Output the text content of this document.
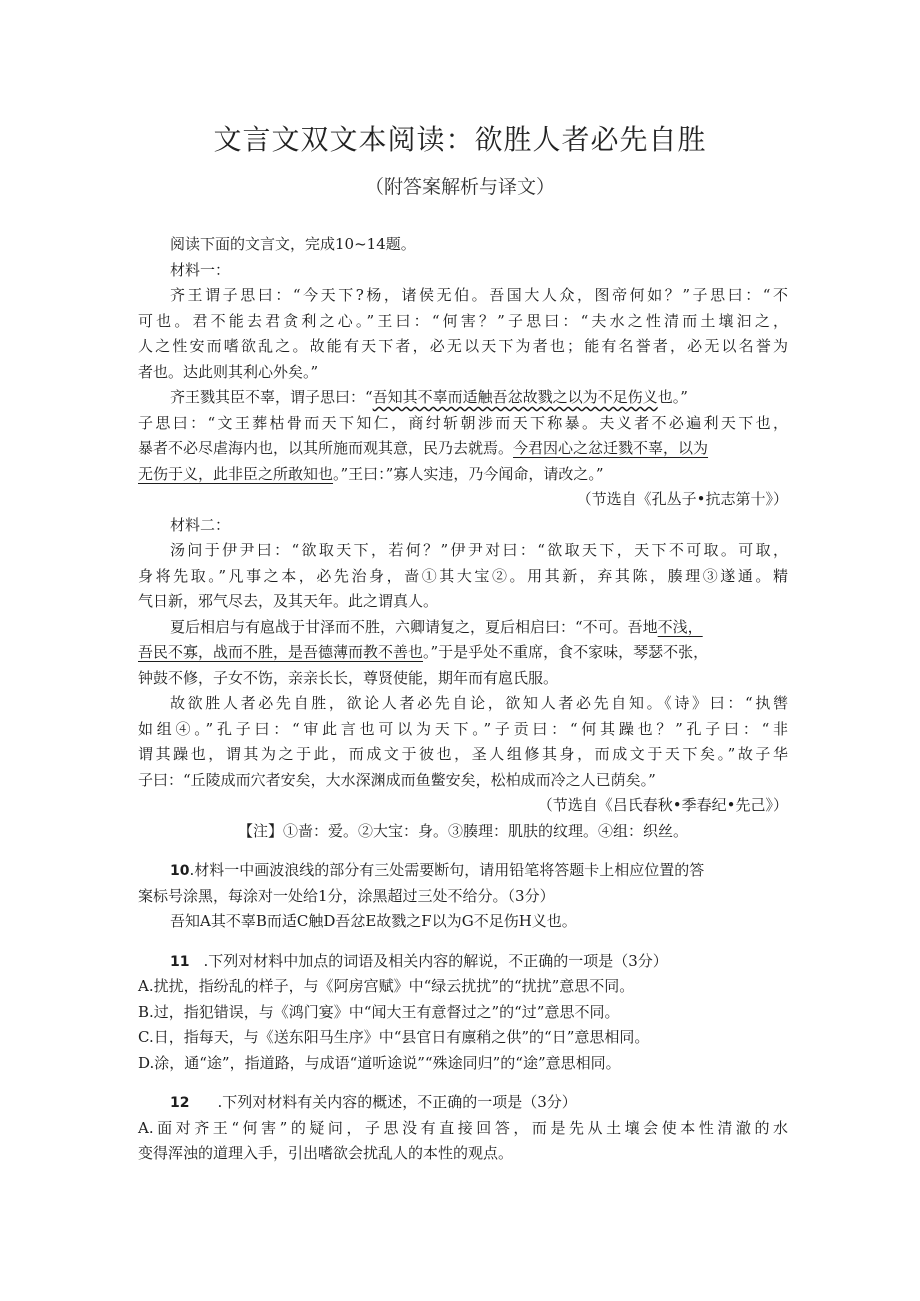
文言文双文本阅读：欲胜人者必先自胜
（附答案解析与译文）
阅读下面的文言文，完成10~14题。
材料一：
齐王谓子思曰：“今天下?杨，诸侯无伯。吾国大人众，图帝何如？”子思曰：“不
可也。君不能去君贪利之心。”王曰：“何害？”子思曰：“夫水之性清而土壤汩之，
人之性安而嗜欲乱之。故能有天下者，必无以天下为者也；能有名誉者，必无以名誉为
者也。达此则其利心外矣。”
齐王戮其臣不辜，谓子思曰：“吾知其不辜而适触吾忿故戮之以为不足伤义也。”
子思曰：“文王葬枯骨而天下知仁，商纣斩朝涉而天下称暴。夫义者不必遍利天下也，
暴者不必尽虐海内也，以其所施而观其意，民乃去就焉。今君因心之忿迁戮不辜，以为
无伤于义，此非臣之所敢知也。”王曰：”寡人实违，乃今闻命，请改之。”
（节选自《孔丛子•抗志第十》）
材料二：
汤问于伊尹曰：“欲取天下，若何？”伊尹对曰：“欲取天下，天下不可取。可取，
身将先取。”凡事之本，必先治身，啬①其大宝②。用其新，弃其陈，腠理③遂通。精
气日新，邪气尽去，及其天年。此之谓真人。
夏后相启与有扈战于甘泽而不胜，六卿请复之，夏后相启曰：“不可。吾地不浅，
吾民不寡，战而不胜，是吾德薄而教不善也。”于是乎处不重席，食不家味，琴瑟不张，
钟鼓不修，子女不饬，亲亲长长，尊贤使能，期年而有扈氏服。
故欲胜人者必先自胜，欲论人者必先自论，欲知人者必先自知。《诗》曰：“执辔
如组④。”孔子曰：“审此言也可以为天下。”子贡曰：“何其躁也？”孔子曰：“非
谓其躁也，谓其为之于此，而成文于彼也，圣人组修其身，而成文于天下矣。”故子华
子曰：“丘陵成而穴者安矣，大水深渊成而鱼鳖安矣，松柏成而冷之人已荫矣。”
（节选自《吕氏春秋•季春纪•先己》）
【注】①啬：爱。②大宝：身。③腠理：肌肤的纹理。④组：织丝。
10.材料一中画波浪线的部分有三处需要断句，请用铅笔将答题卡上相应位置的答
案标号涂黑，每涂对一处给1分，涂黑超过三处不给分。（3分）
吾知A其不辜B而适C触D吾忿E故戮之F以为G不足伤H义也。
11 .下列对材料中加点的词语及相关内容的解说，不正确的一项是（3分）
A.扰扰，指纷乱的样子，与《阿房宫赋》中“绿云扰扰”的“扰扰”意思不同。
B.过，指犯错误，与《鸿门宴》中“闻大王有意督过之”的“过”意思不同。
C.日，指每天，与《送东阳马生序》中“县官日有廪稍之供”的“日”意思相同。
D.涂，通“途”，指道路，与成语“道听途说”“殊途同归”的“途”意思相同。
12 .下列对材料有关内容的概述，不正确的一项是（3分）
A.面对齐王“何害”的疑问，子思没有直接回答，而是先从土壤会使本性清澈的水
变得浑浊的道理入手，引出嗜欲会扰乱人的本性的观点。
